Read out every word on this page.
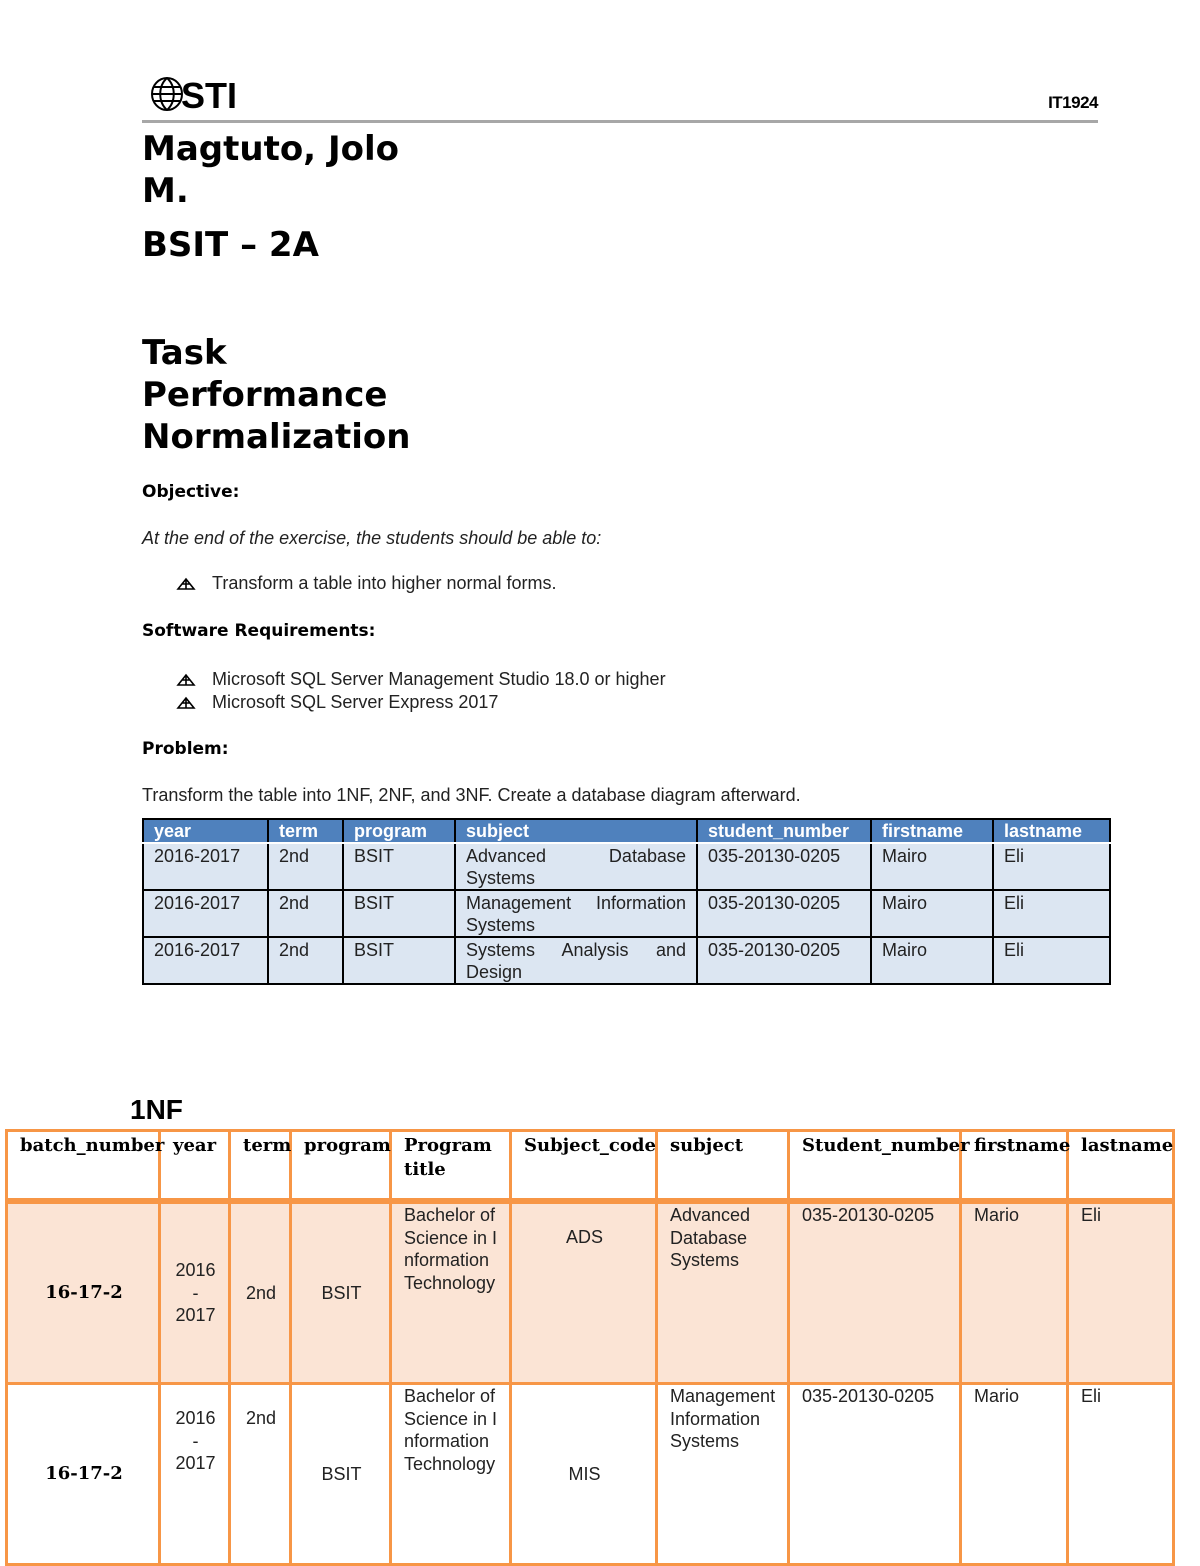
STI	IT1924
Magtuto, Jolo M.
BSIT – 2A
Task Performance Normalization
Objective:
At the end of the exercise, the students should be able to:
Transform a table into higher normal forms.
Software Requirements:
Microsoft SQL Server Management Studio 18.0 or higher
Microsoft SQL Server Express 2017
Problem:
Transform the table into 1NF, 2NF, and 3NF. Create a database diagram afterward.
year	term	program	subject	student_number	firstname	lastname
2016-2017	2nd	BSIT	Advanced Database Systems	035-20130-0205	Mairo	Eli
2016-2017	2nd	BSIT	Management Information Systems	035-20130-0205	Mairo	Eli
2016-2017	2nd	BSIT	Systems Analysis and Design	035-20130-0205	Mairo	Eli
1NF
batch_number	year	term	program	Program title	Subject_code	subject	Student_number	firstname	lastname
16-17-2	2016 - 2017	2nd	BSIT	Bachelor of Science in Information Technology	ADS	Advanced Database Systems	035-20130-0205	Mario	Eli
16-17-2	2016 - 2017	2nd	BSIT	Bachelor of Science in Information Technology	MIS	Management Information Systems	035-20130-0205	Mario	Eli
